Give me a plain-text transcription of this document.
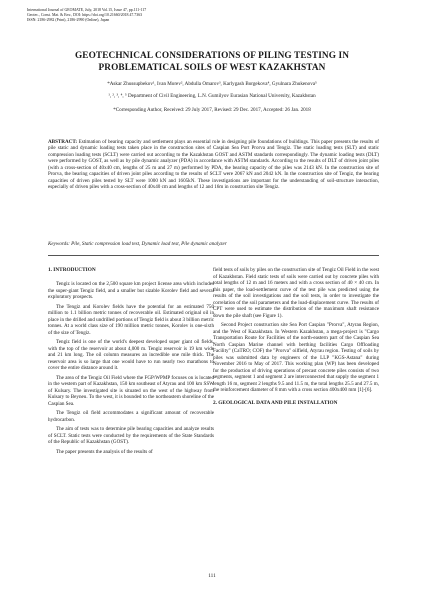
International Journal of GEOMATE, July, 2018 Vol.15, Issue 47, pp.111-117
Geotec., Const. Mat. & Env., DOI: https://doi.org/10.21660/2018.47.7363
ISSN: 2186-2982 (Print), 2186-2990 (Online), Japan
GEOTECHNICAL CONSIDERATIONS OF PILING TESTING IN
PROBLEMATICAL SOILS OF WEST KAZAKHSTAN
*Askar Zhussupbekov¹, Ivan Morev², Abdulla Omarov³, Karlygash Borgekova⁴, Gyulnara Zhukenova⁵
¹, ², ³, ⁴, ⁵ Department of Civil Engineering, L.N. Gumilyov Eurasian National University, Kazakhstan
*Corresponding Author, Received: 29 July 2017, Revised: 29 Dec. 2017, Accepted: 26 Jan. 2018
ABSTRACT: Estimation of bearing capacity and settlement plays an essential role in designing pile foundations of buildings. This paper presents the results of pile static and dynamic loading tests taken place in the construction sites of Caspian Sea Port Prorva and Tengiz. The static loading tests (SLT) and static compression loading tests (SCLT) were carried out according to the Kazakhstan GOST and ASTM standards correspondingly. The dynamic loading tests (DLT) were performed by GOST, as well as by pile dynamic analyzer (PDA) in accordance with ASTM standards. According to the results of DLT of driven joint piles (with a cross-section of 40x40 cm, lengths of 25 m and 27 m) performed by PDA, the bearing capacity of the piles was 2143 kN. In the construction site of Prorva, the bearing capacities of driven joint piles according to the results of SCLT were 2067 kN and 2042 kN. In the construction site of Tengiz, the bearing capacities of driven piles tested by SLT were 1000 kN and 1605kN. These investigations are important for the understanding of soil-structure interaction, especially of driven piles with a cross-section of 40x40 cm and lengths of 12 and 16m in construction site Tengiz.
Keywords: Pile, Static compression load test, Dynamic load test, Pile dynamic analyzer
1. INTRODUCTION

Tengiz is located on the 2,500 square km project license area which includes the super-giant Tengiz field, and a smaller but sizable Korolev field and several exploratory prospects.

The Tengiz and Korolev fields have the potential for an estimated 750 million to 1.1 billion metric tonnes of recoverable oil. Estimated original oil in place in the drilled and undrilled portions of Tengiz field is about 3 billion metric tonnes. At a world class size of 190 million metric tonnes, Korolev is one-sixth of the size of Tengiz.

Tengiz field is one of the world's deepest developed super giant oil fields, with the top of the reservoir at about 4,000 m. Tengiz reservoir is 19 km wide and 21 km long. The oil column measures an incredible one mile thick. The reservoir area is so large that one would have to run nearly two marathons to cover the entire distance around it.

The area of the Tengiz Oil Field where the FGP/WPMP focuses on is located in the western part of Kazakhstan, 150 km southeast of Atyrau and 100 km SSW of Kulsary. The investigated site is situated on the west of the highway from Kulsary to Beyneu. To the west, it is bounded to the northeastern shoreline of the Caspian Sea.

The Tengiz oil field accommodates a significant amount of recoverable hydrocarbon.

The aim of tests was to determine pile bearing capacities and analyze results of SCLT. Static tests were conducted by the requirements of the State Standards of the Republic of Kazakhstan (GOST).

The paper presents the analysis of the results of

field tests of soils by piles on the construction site of Tengiz Oil Field in the west of Kazakhstan. Field static tests of soils were carried out by concrete piles with total lengths of 12 m and 16 meters and with a cross section of 40 × 40 cm. In this paper, the load-settlement curve of the test pile was predicted using the results of the soil investigations and the soil tests, in order to investigate the correlation of the soil parameters and the load-displacement curve. The results of CPT were used to estimate the distribution of the maximum shaft resistance down the pile shaft (see Figure 1).

Second Project construction site Sea Port Caspian "Prorva", Atyrau Region, and the West of Kazakhstan. In Western Kazakhstan, a mega-project is "Cargo Transportation Route for Facilities of the north-eastern part of the Caspian Sea North Caspian Marine channel with berthing facilities Cargo Offloading Facility" (CaTRO; COF) the "Prorva" oilfield, Atyrau region. Testing of soils by piles was submitted data by engineers of the LLP "KGS-Astana" during November 2016 to May of 2017. This working plan (WP) has been developed for the production of driving operations of precast concrete piles consists of two segments, segment 1 and segment 2 are interconnected that supply the segment 1 length 16 m, segment 2 lengths 9.5 and 11.5 m, the total lengths 25.5 and 27.5 m, the reinforcement diameter of 8 mm with a cross section 400x400 mm [1]-[6].

2. GEOLOGICAL DATA AND PILE INSTALLATION
111
